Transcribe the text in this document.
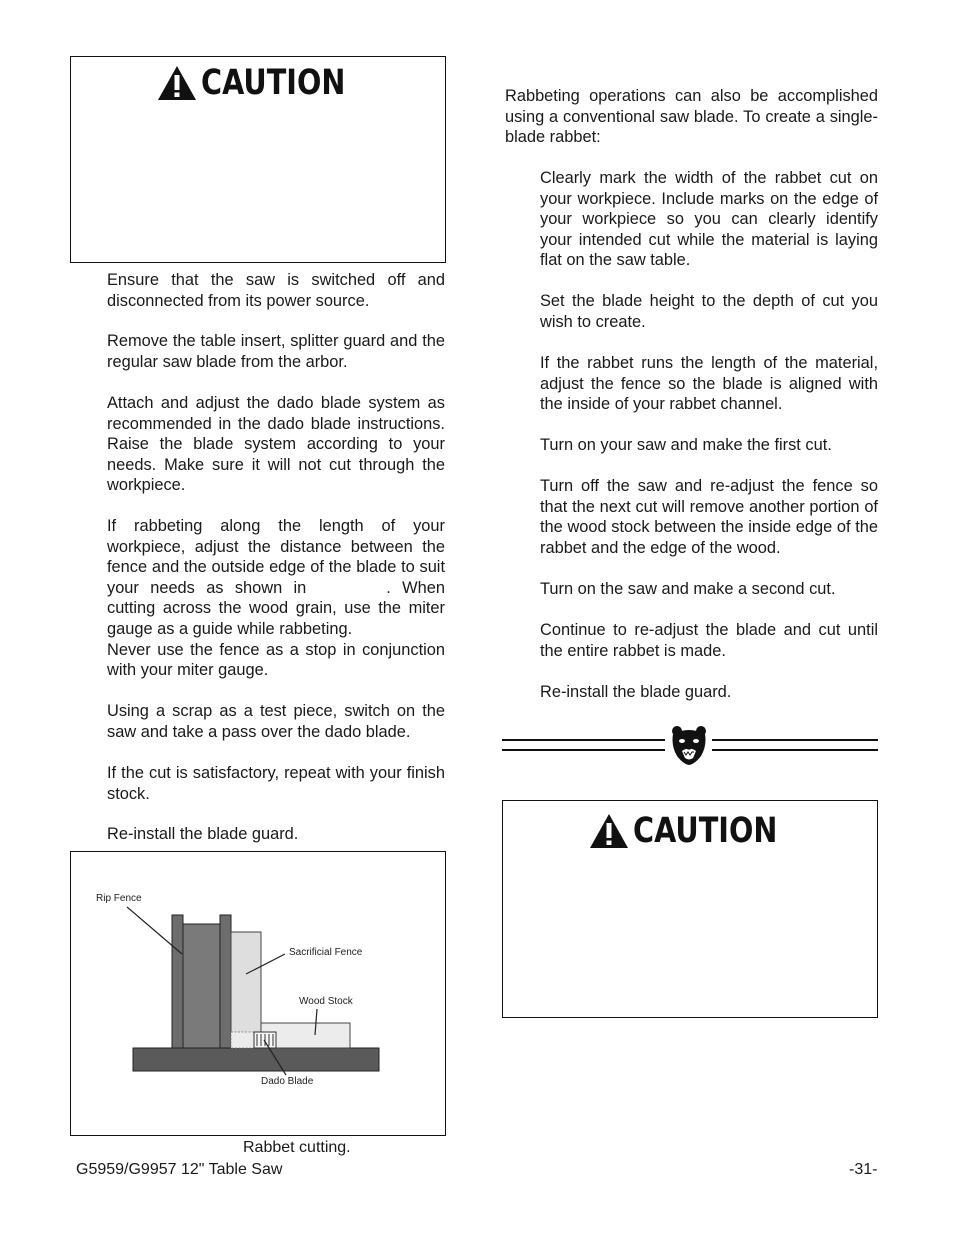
CAUTION
Ensure that the saw is switched off and disconnected from its power source.
Remove the table insert, splitter guard and the regular saw blade from the arbor.
Attach and adjust the dado blade system as recommended in the dado blade instructions. Raise the blade system according to your needs. Make sure it will not cut through the workpiece.
If rabbeting along the length of your workpiece, adjust the distance between the fence and the outside edge of the blade to suit your needs as shown in	. When cutting across the wood grain, use the miter gauge as a guide while rabbeting.
Never use the fence as a stop in conjunction with your miter gauge.
Using a scrap as a test piece, switch on the saw and take a pass over the dado blade.
If the cut is satisfactory, repeat with your finish stock.
Re-install the blade guard.
Rip Fence
Sacrificial Fence
Wood Stock
Dado Blade
Rabbet cutting.
Rabbeting operations can also be accomplished using a conventional saw blade. To create a single-blade rabbet:
Clearly mark the width of the rabbet cut on your workpiece. Include marks on the edge of your workpiece so you can clearly identify your intended cut while the material is laying flat on the saw table.
Set the blade height to the depth of cut you wish to create.
If the rabbet runs the length of the material, adjust the fence so the blade is aligned with the inside of your rabbet channel.
Turn on your saw and make the first cut.
Turn off the saw and re-adjust the fence so that the next cut will remove another portion of the wood stock between the inside edge of the rabbet and the edge of the wood.
Turn on the saw and make a second cut.
Continue to re-adjust the blade and cut until the entire rabbet is made.
Re-install the blade guard.
CAUTION
G5959/G9957 12" Table Saw	-31-
